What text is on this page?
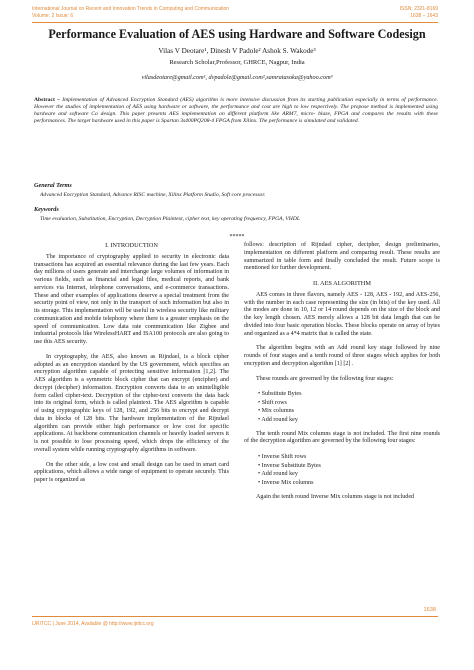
International Journal on Recent and Innovation Trends in Computing and Communication
Volume: 2 Issue: 6
ISSN: 2321-8169
1638 – 1643
Performance Evaluation of AES using Hardware and Software Codesign
Vilas V Deotare¹, Dinesh V Padole² Ashok S. Wakode³
Research Scholar,Professor, GHRCE, Nagpur, India
vilasdeotare@gmail.com¹, dvpadole@gmail.com²,samratasoka@yahoo.com³
Abstract – Implementation of Advanced Encryption Standard (AES) algorithm is more intensive discussion from its starting publication especially in terms of performance. However the studies of implementation of AES using hardware or software, the performance and cost are high to low respectively. The propose method is implemented using hardware and software Co design. This paper presents AES implementation on different platform like ARM7, micro- blaze, FPGA and compares the results with these performances. The target hardware used in this paper is Spartan 3s400PQ208-4 FPGA from Xilinx. The performance is simulated and validated.
General Terms
Advanced Encryption Standard, Advance RISC machine, Xilinx Platform Studio, Soft core processor.
Keywords
Time evaluation, Substitution, Encryption, Decryption Plaintext, cipher text, key operating frequency, FPGA, VHDL
*****
I. INTRODUCTION

The importance of cryptography applied to security in electronic data transactions has acquired an essential relevance during the last few years. Each day millions of users generate and interchange large volumes of information in various fields, such as financial and legal files, medical reports, and bank services via Internet, telephone conversations, and e-commerce transactions. These and other examples of applications deserve a special treatment from the security point of view, not only in the transport of such information but also in its storage. This implementation will be useful in wireless security like military communication and mobile telephony where there is a greater emphasis on the speed of communication. Low data rate communication like Zigbee and industrial protocols like WirelessHART and ISA100 protocols are also going to use this AES security.

In cryptography, the AES, also known as Rijndael, is a block cipher adopted as an encryption standard by the US government, which specifies an encryption algorithm capable of protecting sensitive information [1,2]. The AES algorithm is a symmetric block cipher that can encrypt (encipher) and decrypt (decipher) information. Encryption converts data to an unintelligible form called cipher-text. Decryption of the cipher-text converts the data back into its original form, which is called plaintext. The AES algorithm is capable of using cryptographic keys of 128, 192, and 256 bits to encrypt and decrypt data in blocks of 128 bits. The hardware implementation of the Rijndael algorithm can provide either high performance or low cost for specific applications. At backbone communication channels or heavily loaded servers it is not possible to lose processing speed, which drops the efficiency of the overall system while running cryptography algorithms in software.

On the other side, a low cost and small design can be used in smart card applications, which allows a wide range of equipment to operate securely. This paper is organized as

follows: description of Rijndael cipher, decipher, design preliminaries, implementation on different platform and comparing result. These results are summarized in table form and finally concluded the result. Future scope is mentioned for further development.

II. AES ALGORITHM

AES comes in three flavors, namely AES - 128, AES - 192, and AES-256, with the number in each case representing the size (in bits) of the key used. All the modes are done in 10, 12 or 14 round depends on the size of the block and the key length chosen. AES merely allows a 128 bit data length that can be divided into four basic operation blocks. These blocks operate on array of bytes and organized as a 4*4 matrix that is called the state.

The algorithm begins with an Add round key stage followed by nine rounds of four stages and a tenth round of three stages which applies for both encryption and decryption algorithm [1] [2] .

These rounds are governed by the following four stages:

• Substitute Bytes
• Shift rows
• Mix columns
• Add round key

The tenth round Mix columns stage is not included. The first nine rounds of the decryption algorithm are governed by the following four stages:

• Inverse Shift rows
• Inverse Substitute Bytes
• Add round key
• Inverse Mix columns

Again the tenth round Inverse Mix columns stage is not included

1638
IJRITCC | June 2014, Available @ http://www.ijritcc.org
